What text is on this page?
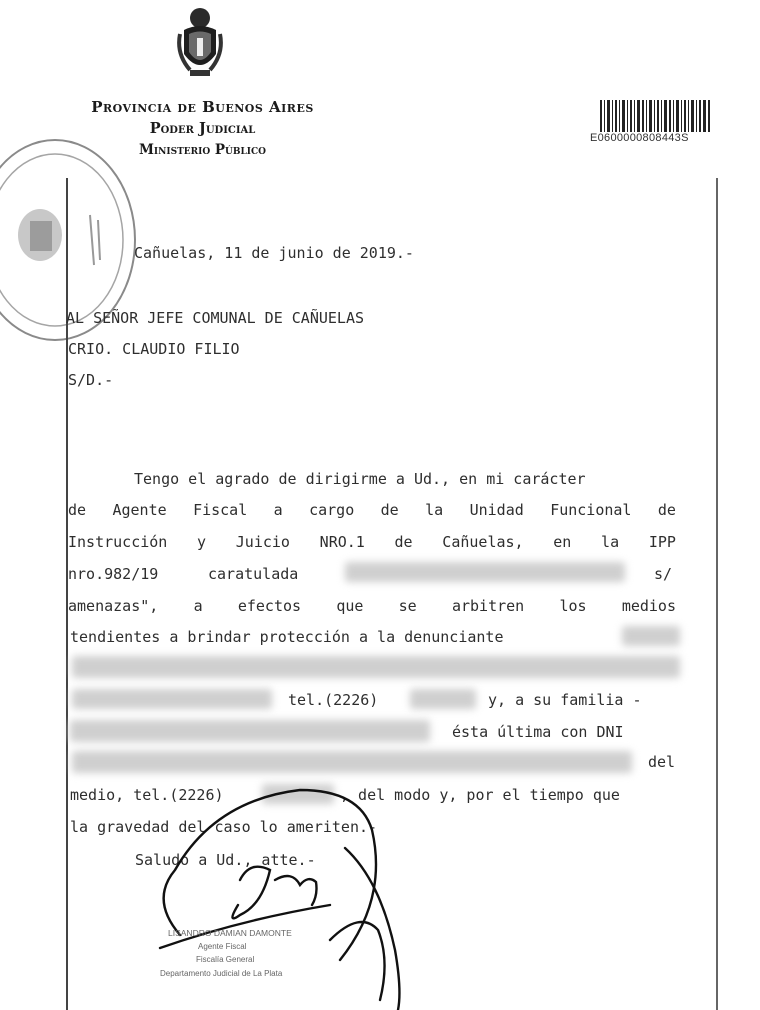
Provincia de Buenos Aires
Poder Judicial
Ministerio Público
E0600000808443S
Cañuelas, 11 de junio de 2019.-
AL SEÑOR JEFE COMUNAL DE CAÑUELAS
CRIO. CLAUDIO FILIO
S/D.-
Tengo el agrado de dirigirme a Ud., en mi carácter
de Agente Fiscal a cargo de la Unidad Funcional de
Instrucción y Juicio NRO.1 de Cañuelas, en la IPP
nro.982/19	caratulada	s/
amenazas", a efectos que se arbitren los medios
tendientes a brindar protección a la denunciante
tel.(2226)	y, a su familia -
ésta última con DNI
del
medio, tel.(2226)	, del modo y, por el tiempo que
la gravedad del caso lo ameriten.-
Saludo a Ud., atte.-
LISANDRO DAMIAN DAMONTE
Agente Fiscal
Fiscalía General
Departamento Judicial de La Plata
